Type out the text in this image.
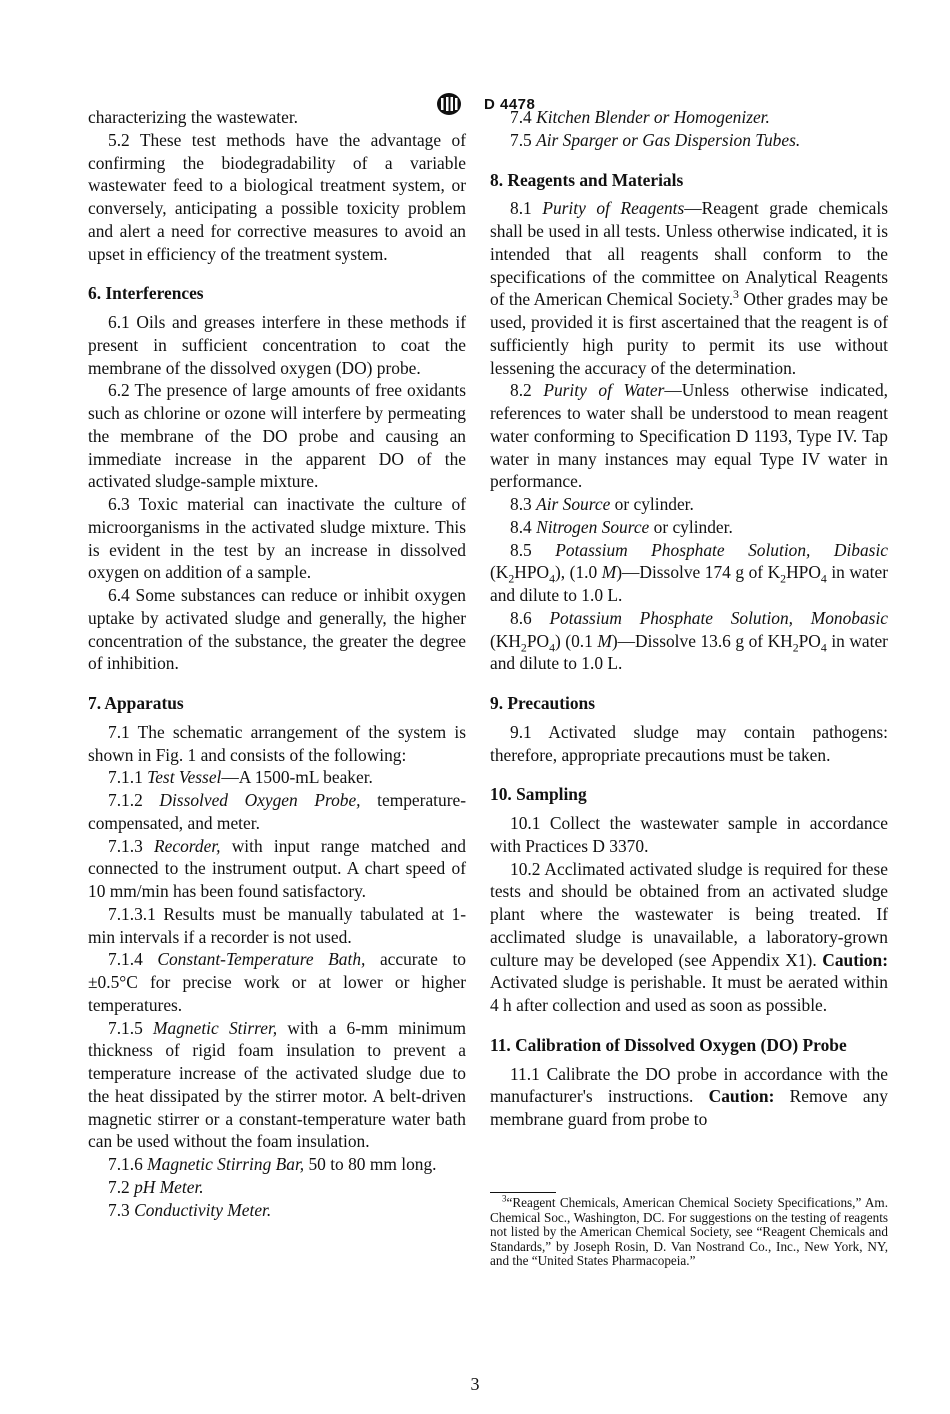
D 4478

characterizing the wastewater.

5.2 These test methods have the advantage of confirming the biodegradability of a variable wastewater feed to a biological treatment system, or conversely, anticipating a possible toxicity problem and alert a need for corrective measures to avoid an upset in efficiency of the treatment system.

6. Interferences

6.1 Oils and greases interfere in these methods if present in sufficient concentration to coat the membrane of the dissolved oxygen (DO) probe.

6.2 The presence of large amounts of free oxidants such as chlorine or ozone will interfere by permeating the membrane of the DO probe and causing an immediate increase in the apparent DO of the activated sludge-sample mixture.

6.3 Toxic material can inactivate the culture of microorganisms in the activated sludge mixture. This is evident in the test by an increase in dissolved oxygen on addition of a sample.

6.4 Some substances can reduce or inhibit oxygen uptake by activated sludge and generally, the higher concentration of the substance, the greater the degree of inhibition.

7. Apparatus

7.1 The schematic arrangement of the system is shown in Fig. 1 and consists of the following:

7.1.1 Test Vessel—A 1500-mL beaker.

7.1.2 Dissolved Oxygen Probe, temperature-compensated, and meter.

7.1.3 Recorder, with input range matched and connected to the instrument output. A chart speed of 10 mm/min has been found satisfactory.

7.1.3.1 Results must be manually tabulated at 1-min intervals if a recorder is not used.

7.1.4 Constant-Temperature Bath, accurate to ±0.5°C for precise work or at lower or higher temperatures.

7.1.5 Magnetic Stirrer, with a 6-mm minimum thickness of rigid foam insulation to prevent a temperature increase of the activated sludge due to the heat dissipated by the stirrer motor. A belt-driven magnetic stirrer or a constant-temperature water bath can be used without the foam insulation.

7.1.6 Magnetic Stirring Bar, 50 to 80 mm long.

7.2 pH Meter.

7.3 Conductivity Meter.

7.4 Kitchen Blender or Homogenizer.

7.5 Air Sparger or Gas Dispersion Tubes.

8. Reagents and Materials

8.1 Purity of Reagents—Reagent grade chemicals shall be used in all tests. Unless otherwise indicated, it is intended that all reagents shall conform to the specifications of the committee on Analytical Reagents of the American Chemical Society.$^3$ Other grades may be used, provided it is first ascertained that the reagent is of sufficiently high purity to permit its use without lessening the accuracy of the determination.

8.2 Purity of Water—Unless otherwise indicated, references to water shall be understood to mean reagent water conforming to Specification D 1193, Type IV. Tap water in many instances may equal Type IV water in performance.

8.3 Air Source or cylinder.

8.4 Nitrogen Source or cylinder.

8.5 Potassium Phosphate Solution, Dibasic $(K_2HPO_4)$, (1.0 M)—Dissolve 174 g of $K_2HPO_4$ in water and dilute to 1.0 L.

8.6 Potassium Phosphate Solution, Monobasic $(KH_2PO_4)$ (0.1 M)—Dissolve 13.6 g of $KH_2PO_4$ in water and dilute to 1.0 L.

9. Precautions

9.1 Activated sludge may contain pathogens: therefore, appropriate precautions must be taken.

10. Sampling

10.1 Collect the wastewater sample in accordance with Practices D 3370.

10.2 Acclimated activated sludge is required for these tests and should be obtained from an activated sludge plant where the wastewater is being treated. If acclimated sludge is unavailable, a laboratory-grown culture may be developed (see Appendix X1). Caution: Activated sludge is perishable. It must be aerated within 4 h after collection and used as soon as possible.

11. Calibration of Dissolved Oxygen (DO) Probe

11.1 Calibrate the DO probe in accordance with the manufacturer's instructions. Caution: Remove any membrane guard from probe to

$^3$“Reagent Chemicals, American Chemical Society Specifications,” Am. Chemical Soc., Washington, DC. For suggestions on the testing of reagents not listed by the American Chemical Society, see “Reagent Chemicals and Standards,” by Joseph Rosin, D. Van Nostrand Co., Inc., New York, NY, and the “United States Pharmacopeia.”

3
